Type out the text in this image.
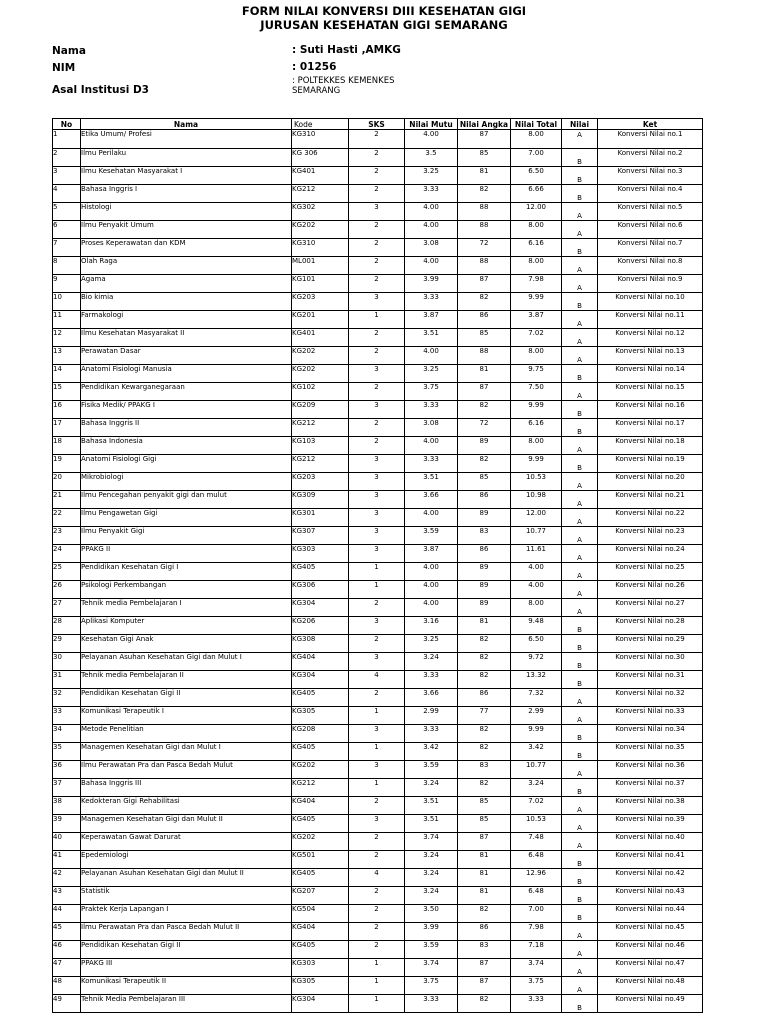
FORM NILAI KONVERSI DIII KESEHATAN GIGI
JURUSAN KESEHATAN GIGI SEMARANG
Nama	: Suti Hasti ,AMKG
NIM	: 01256
Asal Institusi D3
: POLTEKKES KEMENKES
SEMARANG
No	Nama	Kode	SKS	Nilai Mutu	Nilai Angka	Nilai Total	Nilai	Ket
1	Etika Umum/ Profesi	KG310	2	4.00	87	8.00	A	Konversi Nilai no.1
2	Ilmu Perilaku	KG 306	2	3.5	85	7.00	B	Konversi Nilai no.2
3	Ilmu Kesehatan Masyarakat I	KG401	2	3.25	81	6.50	B	Konversi Nilai no.3
4	Bahasa Inggris I	KG212	2	3.33	82	6.66	B	Konversi Nilai no.4
5	Histologi	KG302	3	4.00	88	12.00	A	Konversi Nilai no.5
6	Ilmu Penyakit Umum	KG202	2	4.00	88	8.00	A	Konversi Nilai no.6
7	Proses Keperawatan dan KDM	KG310	2	3.08	72	6.16	B	Konversi Nilai no.7
8	Olah Raga	ML001	2	4.00	88	8.00	A	Konversi Nilai no.8
9	Agama	KG101	2	3.99	87	7.98	A	Konversi Nilai no.9
10	Bio kimia	KG203	3	3.33	82	9.99	B	Konversi Nilai no.10
11	Farmakologi	KG201	1	3.87	86	3.87	A	Konversi Nilai no.11
12	Ilmu Kesehatan Masyarakat II	KG401	2	3.51	85	7.02	A	Konversi Nilai no.12
13	Perawatan Dasar	KG202	2	4.00	88	8.00	A	Konversi Nilai no.13
14	Anatomi Fisiologi Manusia	KG202	3	3.25	81	9.75	B	Konversi Nilai no.14
15	Pendidikan Kewarganegaraan	KG102	2	3.75	87	7.50	A	Konversi Nilai no.15
16	Fisika Medik/ PPAKG I	KG209	3	3.33	82	9.99	B	Konversi Nilai no.16
17	Bahasa Inggris II	KG212	2	3.08	72	6.16	B	Konversi Nilai no.17
18	Bahasa Indonesia	KG103	2	4.00	89	8.00	A	Konversi Nilai no.18
19	Anatomi Fisiologi Gigi	KG212	3	3.33	82	9.99	B	Konversi Nilai no.19
20	Mikrobiologi	KG203	3	3.51	85	10.53	A	Konversi Nilai no.20
21	Ilmu Pencegahan penyakit gigi dan mulut	KG309	3	3.66	86	10.98	A	Konversi Nilai no.21
22	Ilmu Pengawetan Gigi	KG301	3	4.00	89	12.00	A	Konversi Nilai no.22
23	Ilmu Penyakit Gigi	KG307	3	3.59	83	10.77	A	Konversi Nilai no.23
24	PPAKG II	KG303	3	3.87	86	11.61	A	Konversi Nilai no.24
25	Pendidikan Kesehatan Gigi I	KG405	1	4.00	89	4.00	A	Konversi Nilai no.25
26	Psikologi Perkembangan	KG306	1	4.00	89	4.00	A	Konversi Nilai no.26
27	Tehnik media Pembelajaran I	KG304	2	4.00	89	8.00	A	Konversi Nilai no.27
28	Aplikasi Komputer	KG206	3	3.16	81	9.48	B	Konversi Nilai no.28
29	Kesehatan Gigi Anak	KG308	2	3.25	82	6.50	B	Konversi Nilai no.29
30	Pelayanan Asuhan Kesehatan Gigi dan Mulut I	KG404	3	3.24	82	9.72	B	Konversi Nilai no.30
31	Tehnik media Pembelajaran II	KG304	4	3.33	82	13.32	B	Konversi Nilai no.31
32	Pendidikan Kesehatan Gigi II	KG405	2	3.66	86	7.32	A	Konversi Nilai no.32
33	Komunikasi Terapeutik I	KG305	1	2.99	77	2.99	A	Konversi Nilai no.33
34	Metode Penelitian	KG208	3	3.33	82	9.99	B	Konversi Nilai no.34
35	Managemen Kesehatan Gigi dan Mulut I	KG405	1	3.42	82	3.42	B	Konversi Nilai no.35
36	Ilmu Perawatan Pra dan Pasca Bedah Mulut	KG202	3	3.59	83	10.77	A	Konversi Nilai no.36
37	Bahasa Inggris III	KG212	1	3.24	82	3.24	B	Konversi Nilai no.37
38	Kedokteran Gigi Rehabilitasi	KG404	2	3.51	85	7.02	A	Konversi Nilai no.38
39	Managemen Kesehatan Gigi dan Mulut II	KG405	3	3.51	85	10.53	A	Konversi Nilai no.39
40	Keperawatan Gawat Darurat	KG202	2	3.74	87	7.48	A	Konversi Nilai no.40
41	Epedemiologi	KG501	2	3.24	81	6.48	B	Konversi Nilai no.41
42	Pelayanan Asuhan Kesehatan Gigi dan Mulut II	KG405	4	3.24	81	12.96	B	Konversi Nilai no.42
43	Statistik	KG207	2	3.24	81	6.48	B	Konversi Nilai no.43
44	Praktek Kerja Lapangan I	KG504	2	3.50	82	7.00	B	Konversi Nilai no.44
45	Ilmu Perawatan Pra dan Pasca Bedah Mulut II	KG404	2	3.99	86	7.98	A	Konversi Nilai no.45
46	Pendidikan Kesehatan Gigi II	KG405	2	3.59	83	7.18	A	Konversi Nilai no.46
47	PPAKG III	KG303	1	3.74	87	3.74	A	Konversi Nilai no.47
48	Komunikasi Terapeutik II	KG305	1	3.75	87	3.75	A	Konversi Nilai no.48
49	Tehnik Media Pembelajaran III	KG304	1	3.33	82	3.33	B	Konversi Nilai no.49
